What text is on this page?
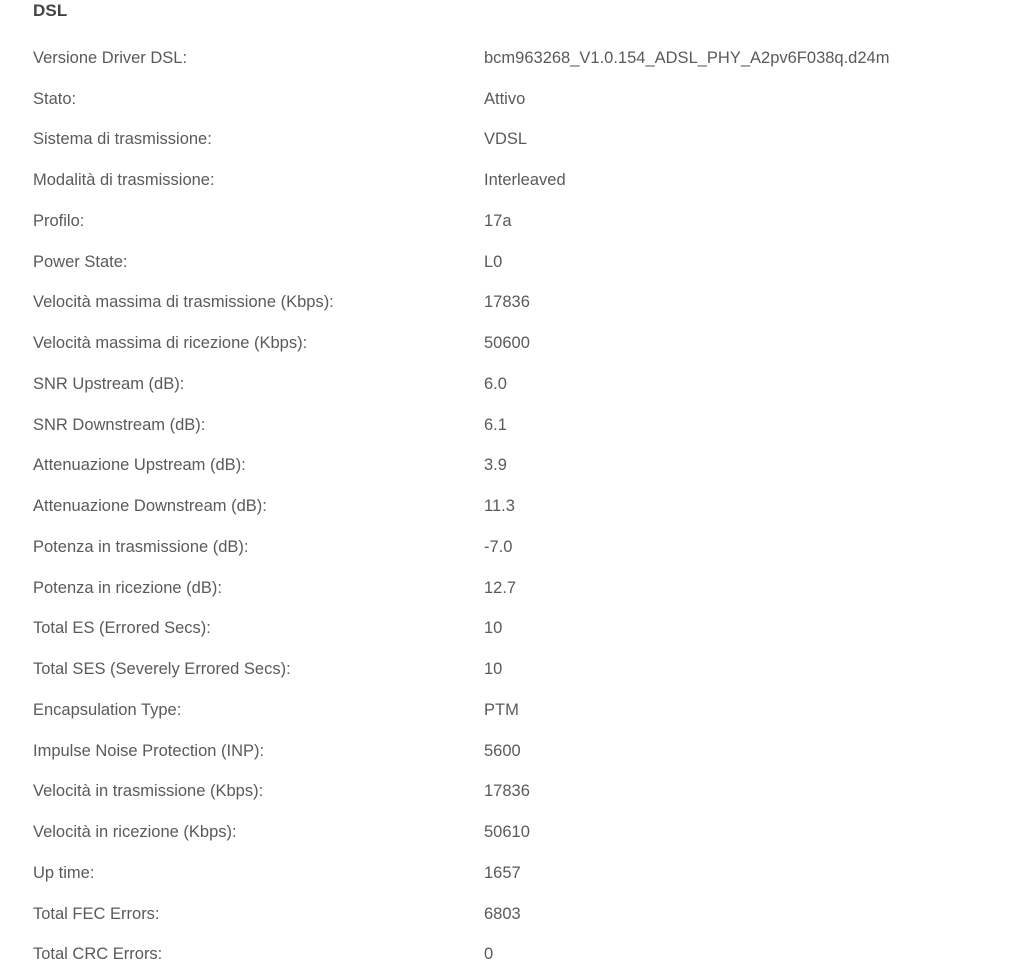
DSL
Versione Driver DSL:	bcm963268_V1.0.154_ADSL_PHY_A2pv6F038q.d24m
Stato:	Attivo
Sistema di trasmissione:	VDSL
Modalità di trasmissione:	Interleaved
Profilo:	17a
Power State:	L0
Velocità massima di trasmissione (Kbps):	17836
Velocità massima di ricezione (Kbps):	50600
SNR Upstream (dB):	6.0
SNR Downstream (dB):	6.1
Attenuazione Upstream (dB):	3.9
Attenuazione Downstream (dB):	11.3
Potenza in trasmissione (dB):	-7.0
Potenza in ricezione (dB):	12.7
Total ES (Errored Secs):	10
Total SES (Severely Errored Secs):	10
Encapsulation Type:	PTM
Impulse Noise Protection (INP):	5600
Velocità in trasmissione (Kbps):	17836
Velocità in ricezione (Kbps):	50610
Up time:	1657
Total FEC Errors:	6803
Total CRC Errors:	0
